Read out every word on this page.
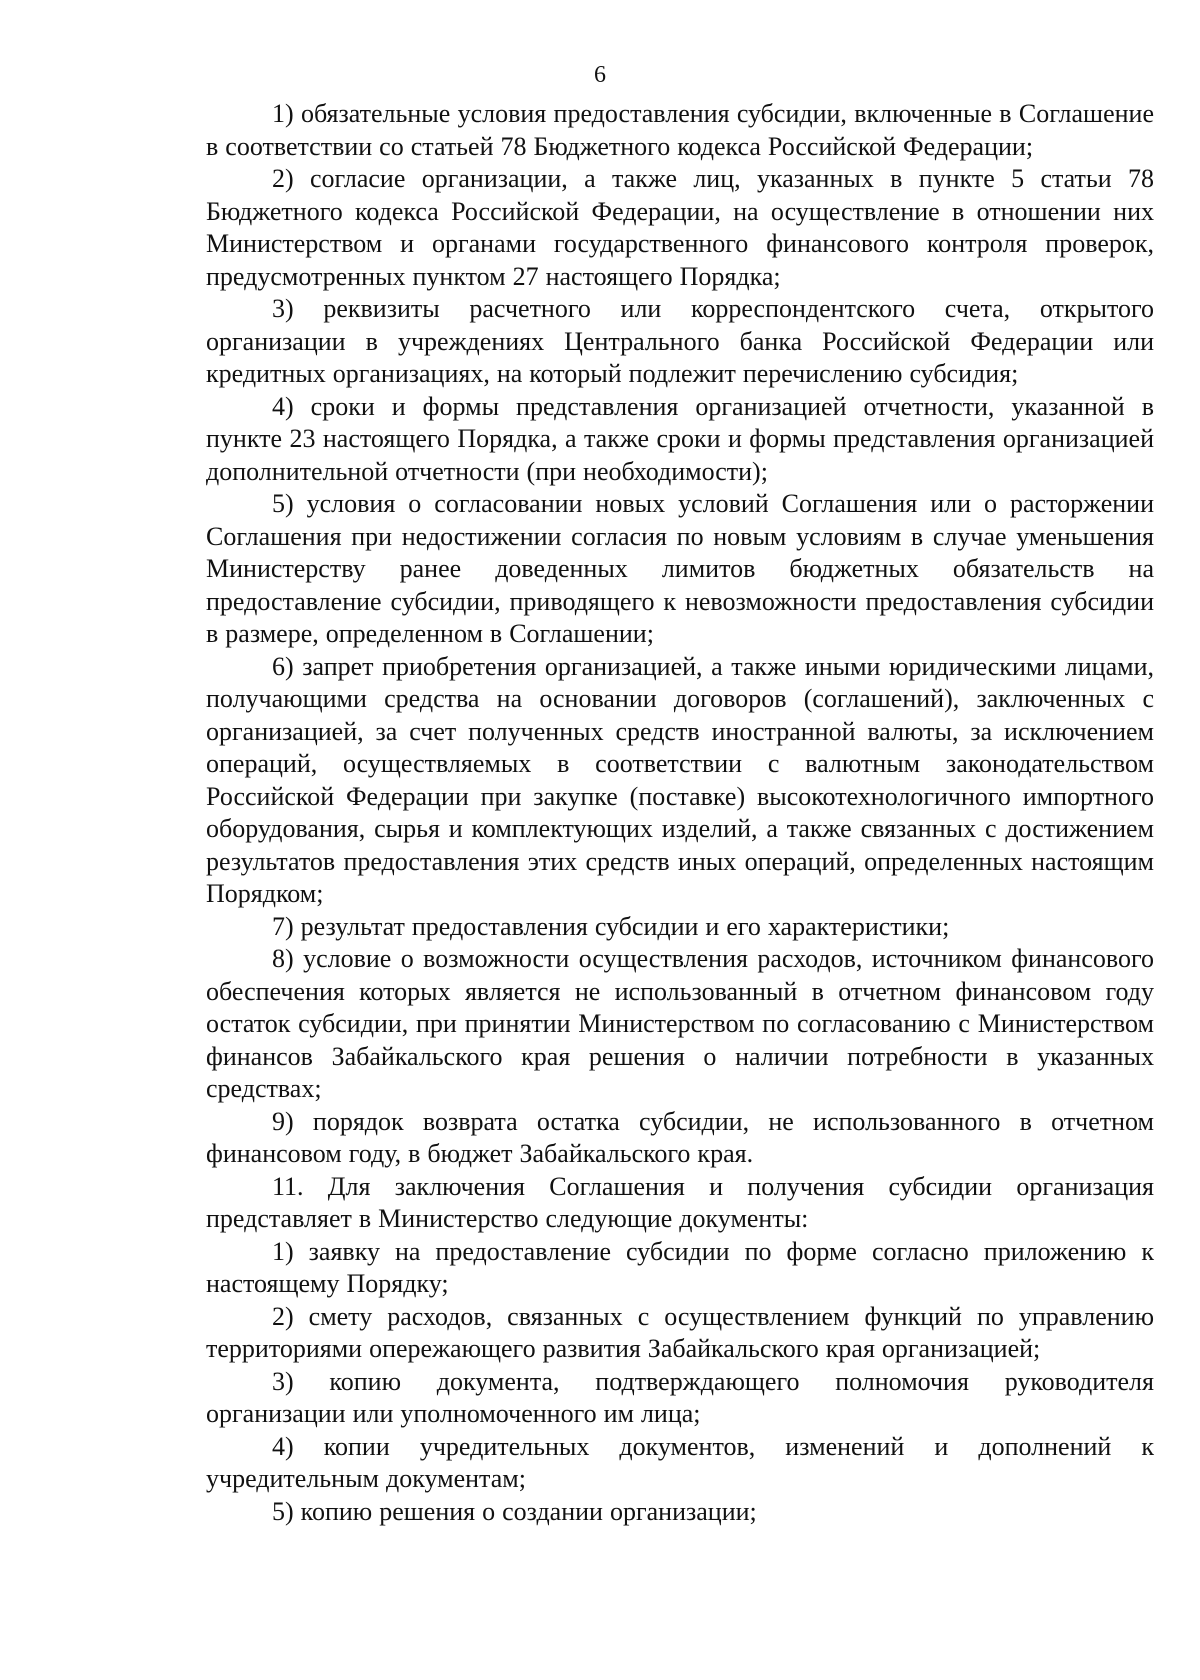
6

1) обязательные условия предоставления субсидии, включенные в Соглашение в соответствии со статьей 78 Бюджетного кодекса Российской Федерации;

2) согласие организации, а также лиц, указанных в пункте 5 статьи 78 Бюджетного кодекса Российской Федерации, на осуществление в отношении них Министерством и органами государственного финансового контроля проверок, предусмотренных пунктом 27 настоящего Порядка;

3) реквизиты расчетного или корреспондентского счета, открытого организации в учреждениях Центрального банка Российской Федерации или кредитных организациях, на который подлежит перечислению субсидия;

4) сроки и формы представления организацией отчетности, указанной в пункте 23 настоящего Порядка, а также сроки и формы представления организацией дополнительной отчетности (при необходимости);

5) условия о согласовании новых условий Соглашения или о расторжении Соглашения при недостижении согласия по новым условиям в случае уменьшения Министерству ранее доведенных лимитов бюджетных обязательств на предоставление субсидии, приводящего к невозможности предоставления субсидии в размере, определенном в Соглашении;

6) запрет приобретения организацией, а также иными юридическими лицами, получающими средства на основании договоров (соглашений), заключенных с организацией, за счет полученных средств иностранной валюты, за исключением операций, осуществляемых в соответствии с валютным законодательством Российской Федерации при закупке (поставке) высокотехнологичного импортного оборудования, сырья и комплектующих изделий, а также связанных с достижением результатов предоставления этих средств иных операций, определенных настоящим Порядком;

7) результат предоставления субсидии и его характеристики;

8) условие о возможности осуществления расходов, источником финансового обеспечения которых является не использованный в отчетном финансовом году остаток субсидии, при принятии Министерством по согласованию с Министерством финансов Забайкальского края решения о наличии потребности в указанных средствах;

9) порядок возврата остатка субсидии, не использованного в отчетном финансовом году, в бюджет Забайкальского края.

11. Для заключения Соглашения и получения субсидии организация представляет в Министерство следующие документы:

1) заявку на предоставление субсидии по форме согласно приложению к настоящему Порядку;

2) смету расходов, связанных с осуществлением функций по управлению территориями опережающего развития Забайкальского края организацией;

3) копию документа, подтверждающего полномочия руководителя организации или уполномоченного им лица;

4) копии учредительных документов, изменений и дополнений к учредительным документам;

5) копию решения о создании организации;
